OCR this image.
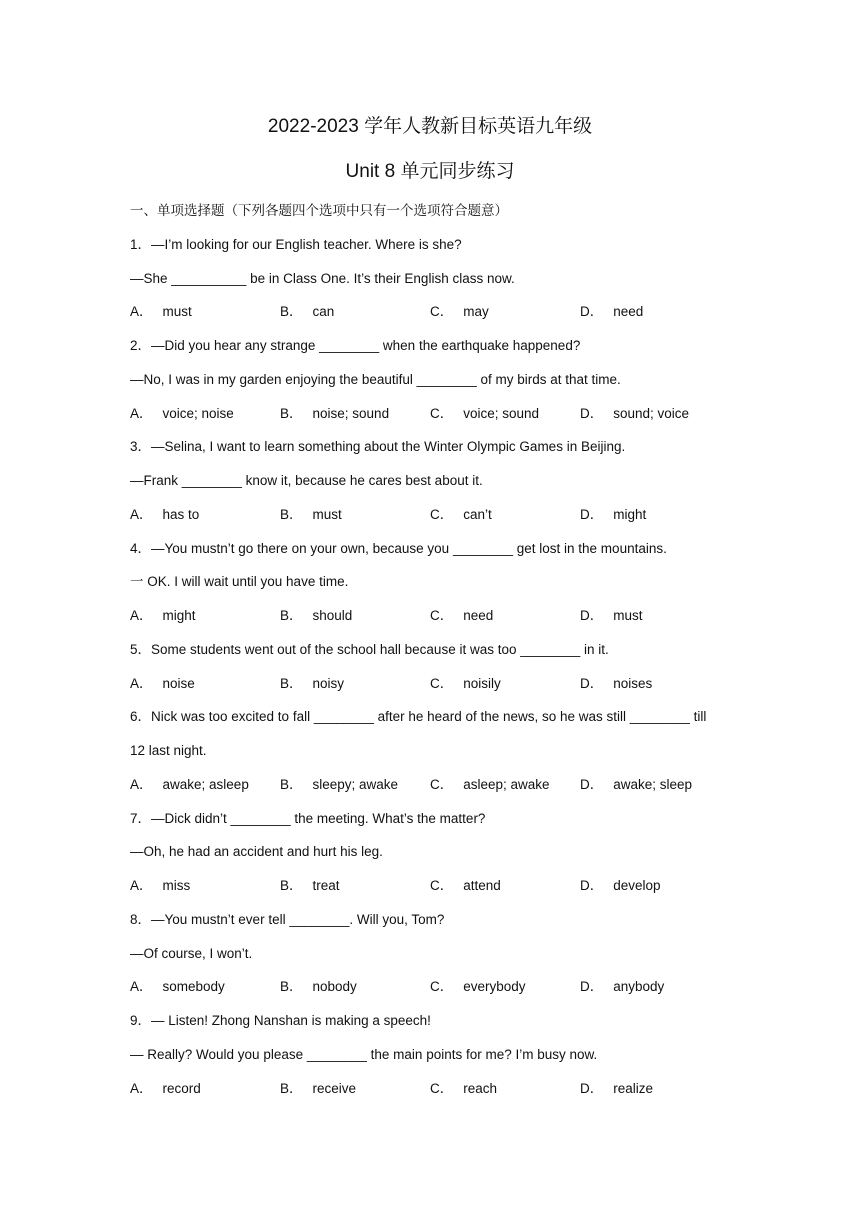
2022-2023 学年人教新目标英语九年级
Unit 8 单元同步练习
一、单项选择题（下列各题四个选项中只有一个选项符合题意）
1．—I’m looking for our English teacher. Where is she?
—She __________ be in Class One. It’s their English class now.
A． must	B． can	C． may	D． need
2．—Did you hear any strange ________ when the earthquake happened?
—No, I was in my garden enjoying the beautiful ________ of my birds at that time.
A． voice; noise	B． noise; sound	C． voice; sound	D． sound; voice
3．—Selina, I want to learn something about the Winter Olympic Games in Beijing.
—Frank ________ know it, because he cares best about it.
A． has to	B． must	C． can’t	D． might
4．—You mustn’t go there on your own, because you ________ get lost in the mountains.
一 OK. I will wait until you have time.
A． might	B． should	C． need	D． must
5．Some students went out of the school hall because it was too ________ in it.
A． noise	B． noisy	C． noisily	D． noises
6．Nick was too excited to fall ________ after he heard of the news, so he was still ________ till
12 last night.
A． awake; asleep	B． sleepy; awake	C． asleep; awake	D． awake; sleep
7．—Dick didn’t ________ the meeting. What’s the matter?
—Oh, he had an accident and hurt his leg.
A． miss	B． treat	C． attend	D． develop
8．—You mustn’t ever tell ________. Will you, Tom?
—Of course, I won’t.
A． somebody	B． nobody	C． everybody	D． anybody
9．— Listen! Zhong Nanshan is making a speech!
— Really? Would you please ________ the main points for me? I’m busy now.
A． record	B． receive	C． reach	D． realize
